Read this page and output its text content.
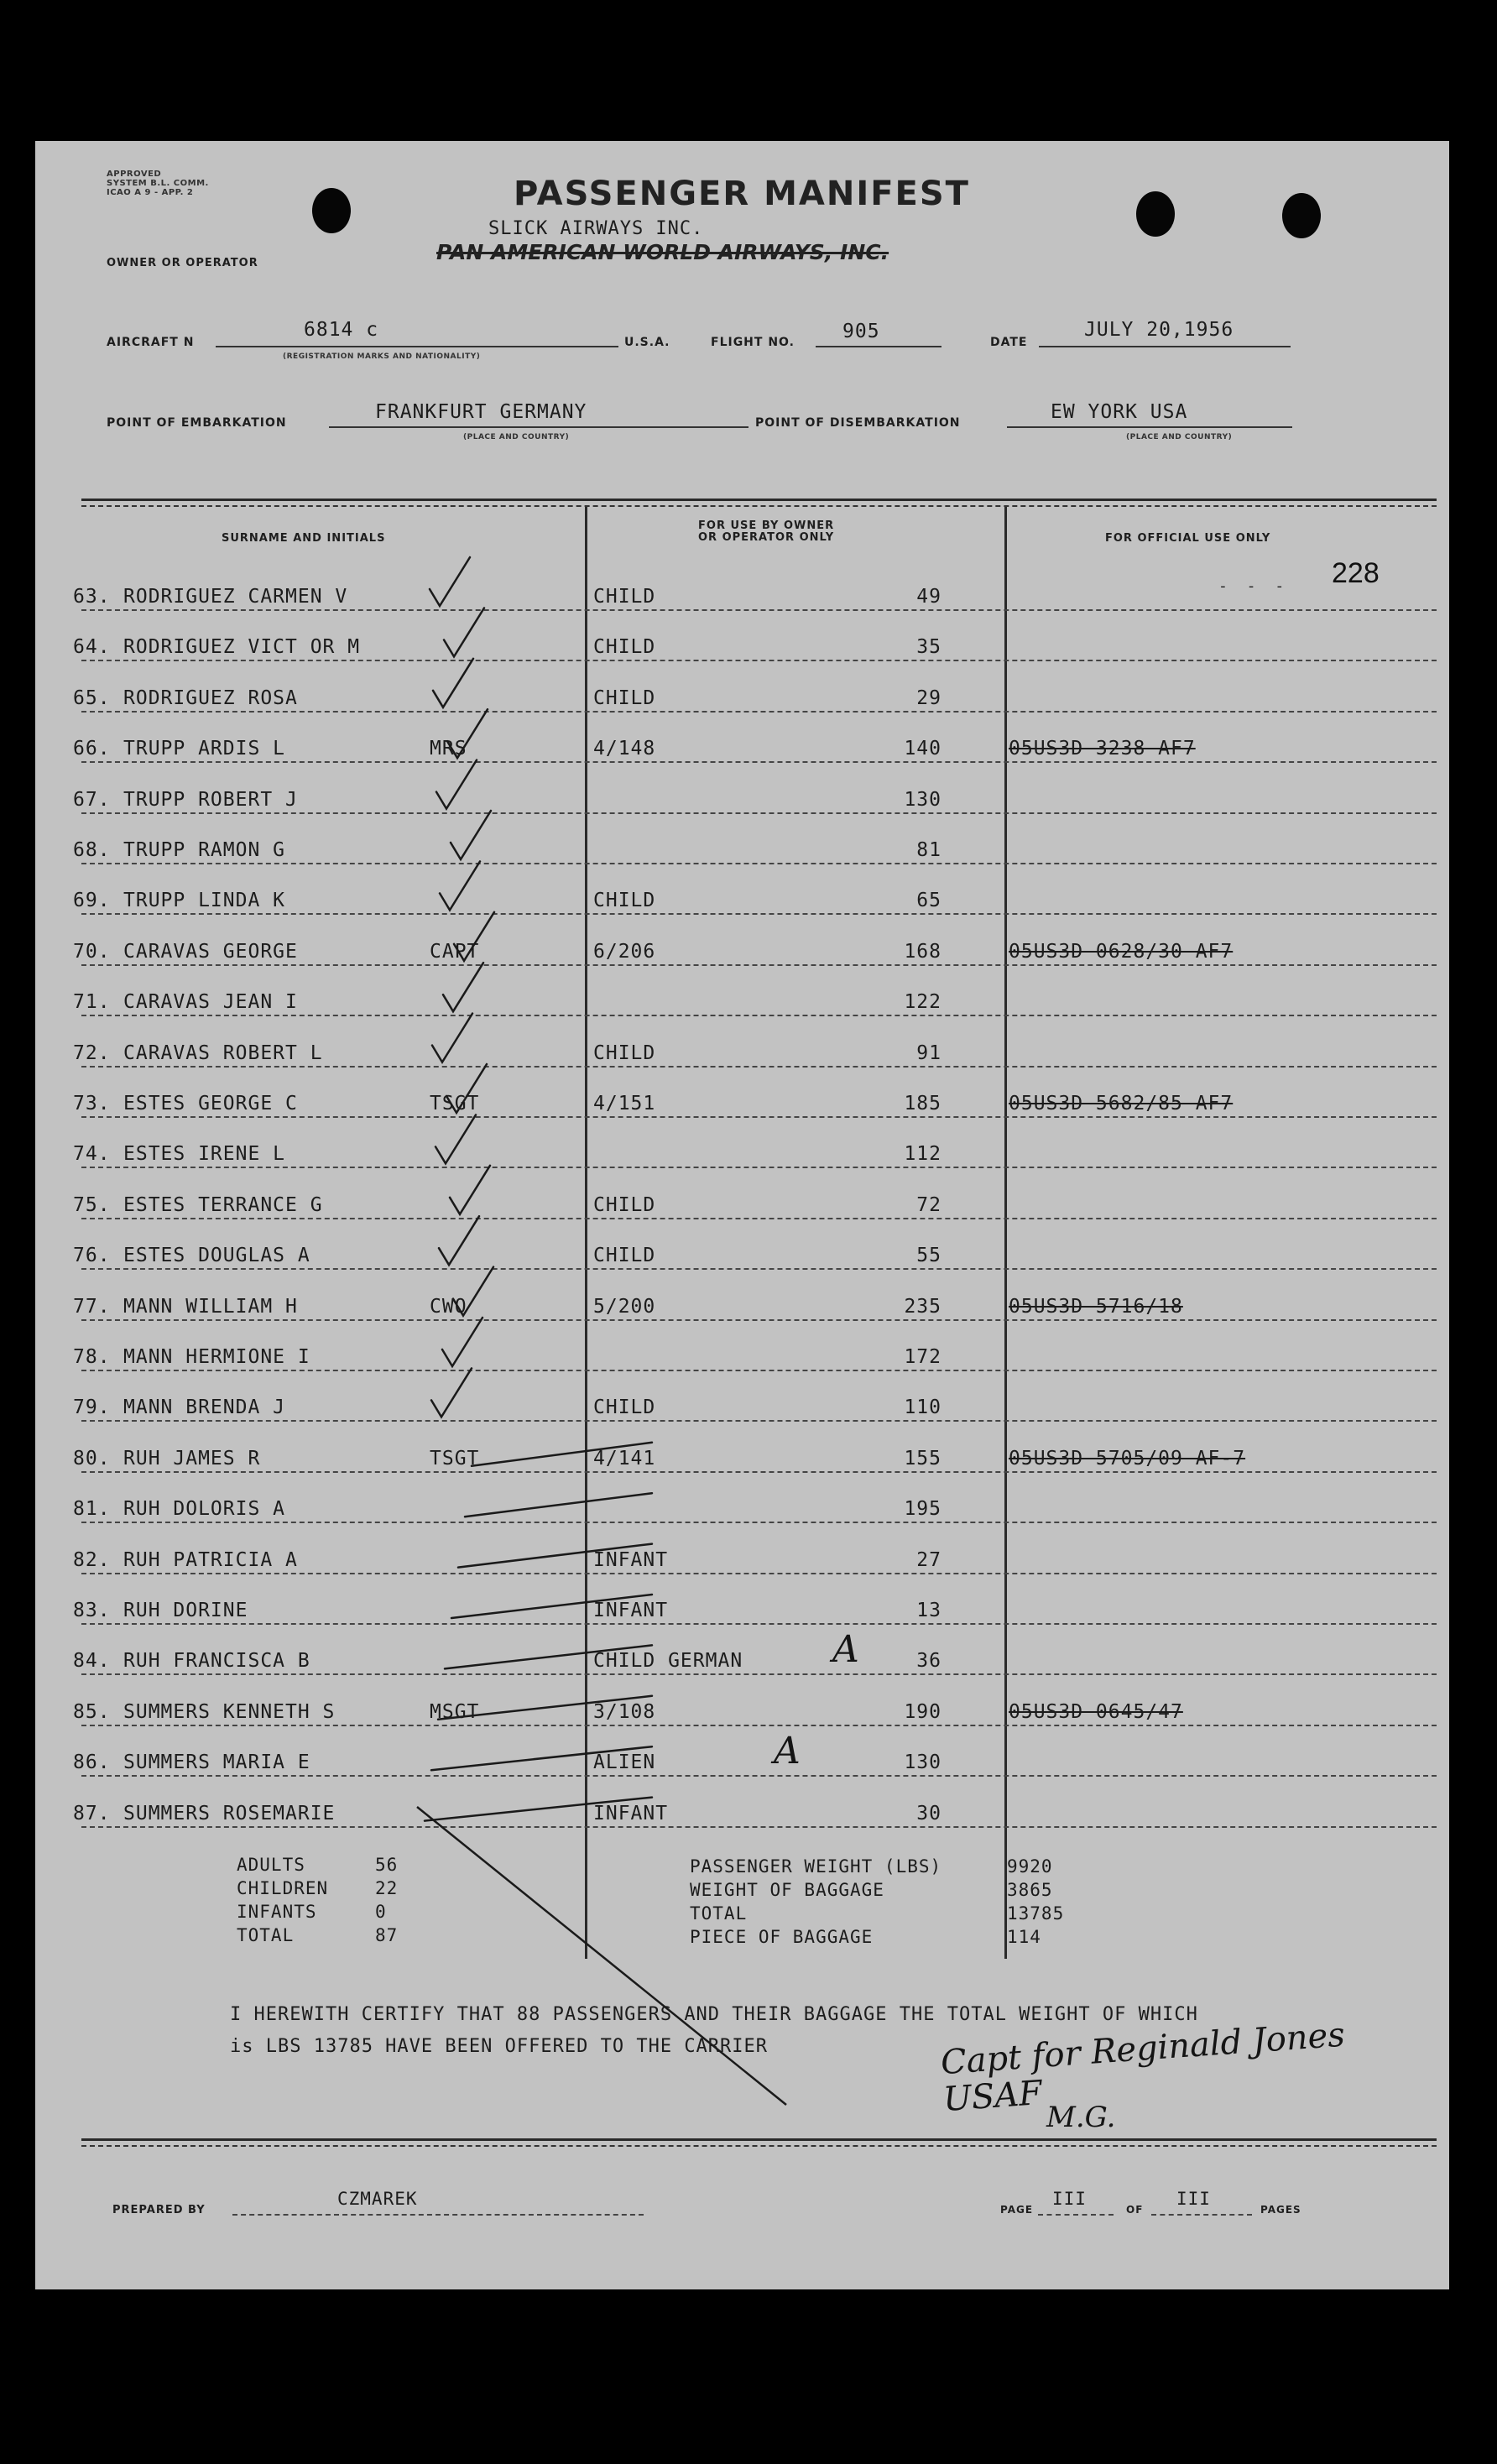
APPROVED
SYSTEM B.L. COMM.
ICAO A 9 - APP. 2	PASSENGER MANIFEST
SLICK AIRWAYS INC.
PAN AMERICAN WORLD AIRWAYS, INC.
OWNER OR OPERATOR
AIRCRAFT N
6814 c
(REGISTRATION MARKS AND NATIONALITY)
U.S.A.	FLIGHT NO. 905	DATE
JULY 20,1956
POINT OF EMBARKATION	FRANKFURT GERMANY
(PLACE AND COUNTRY)
POINT OF DISEMBARKATION	EW YORK USA
(PLACE AND COUNTRY)
SURNAME AND INITIALS
FOR USE BY OWNER
OR OPERATOR ONLY	FOR OFFICIAL USE ONLY
228
- - -
63. RODRIGUEZ CARMEN V	CHILD	49
64. RODRIGUEZ VICT OR M	CHILD	35
65. RODRIGUEZ ROSA	CHILD	29
66. TRUPP ARDIS L	MRS	4/148	140	05US3D 3238 AF7
67. TRUPP ROBERT J	130
68. TRUPP RAMON G	81
69. TRUPP LINDA K	CHILD	65
70. CARAVAS GEORGE	CAPT	6/206	168	05US3D 0628/30 AF7
71. CARAVAS JEAN I	122
72. CARAVAS ROBERT L	CHILD	91
73. ESTES GEORGE C	TSGT	4/151	185	05US3D 5682/85 AF7
74. ESTES IRENE L	112
75. ESTES TERRANCE G	CHILD	72
76. ESTES DOUGLAS A	CHILD	55
77. MANN WILLIAM H	CWO	5/200	235	05US3D 5716/18
78. MANN HERMIONE I	172
79. MANN BRENDA J	CHILD	110
80. RUH JAMES R	TSGT	4/141	155	05US3D 5705/09 AF-7
81. RUH DOLORIS A	195
82. RUH PATRICIA A	INFANT	27
83. RUH DORINE	INFANT	13
84. RUH FRANCISCA B	CHILD GERMAN	36
85. SUMMERS KENNETH S	MSGT	3/108	190	05US3D 0645/47
86. SUMMERS MARIA E	ALIEN	130
87. SUMMERS ROSEMARIE	INFANT	30
A
A
ADULTS	56
CHILDREN	22
INFANTS	0
TOTAL	87
PASSENGER WEIGHT (LBS)	9920
WEIGHT OF BAGGAGE	3865
TOTAL	13785
PIECE OF BAGGAGE	114
I HEREWITH CERTIFY THAT 88 PASSENGERS AND THEIR BAGGAGE THE TOTAL WEIGHT OF WHICH
is LBS 13785 HAVE BEEN OFFERED TO THE CARRIER	Capt for Reginald Jones USAF M.G.
PREPARED BY
CZMAREK
PAGE
III
OF
III
PAGES
